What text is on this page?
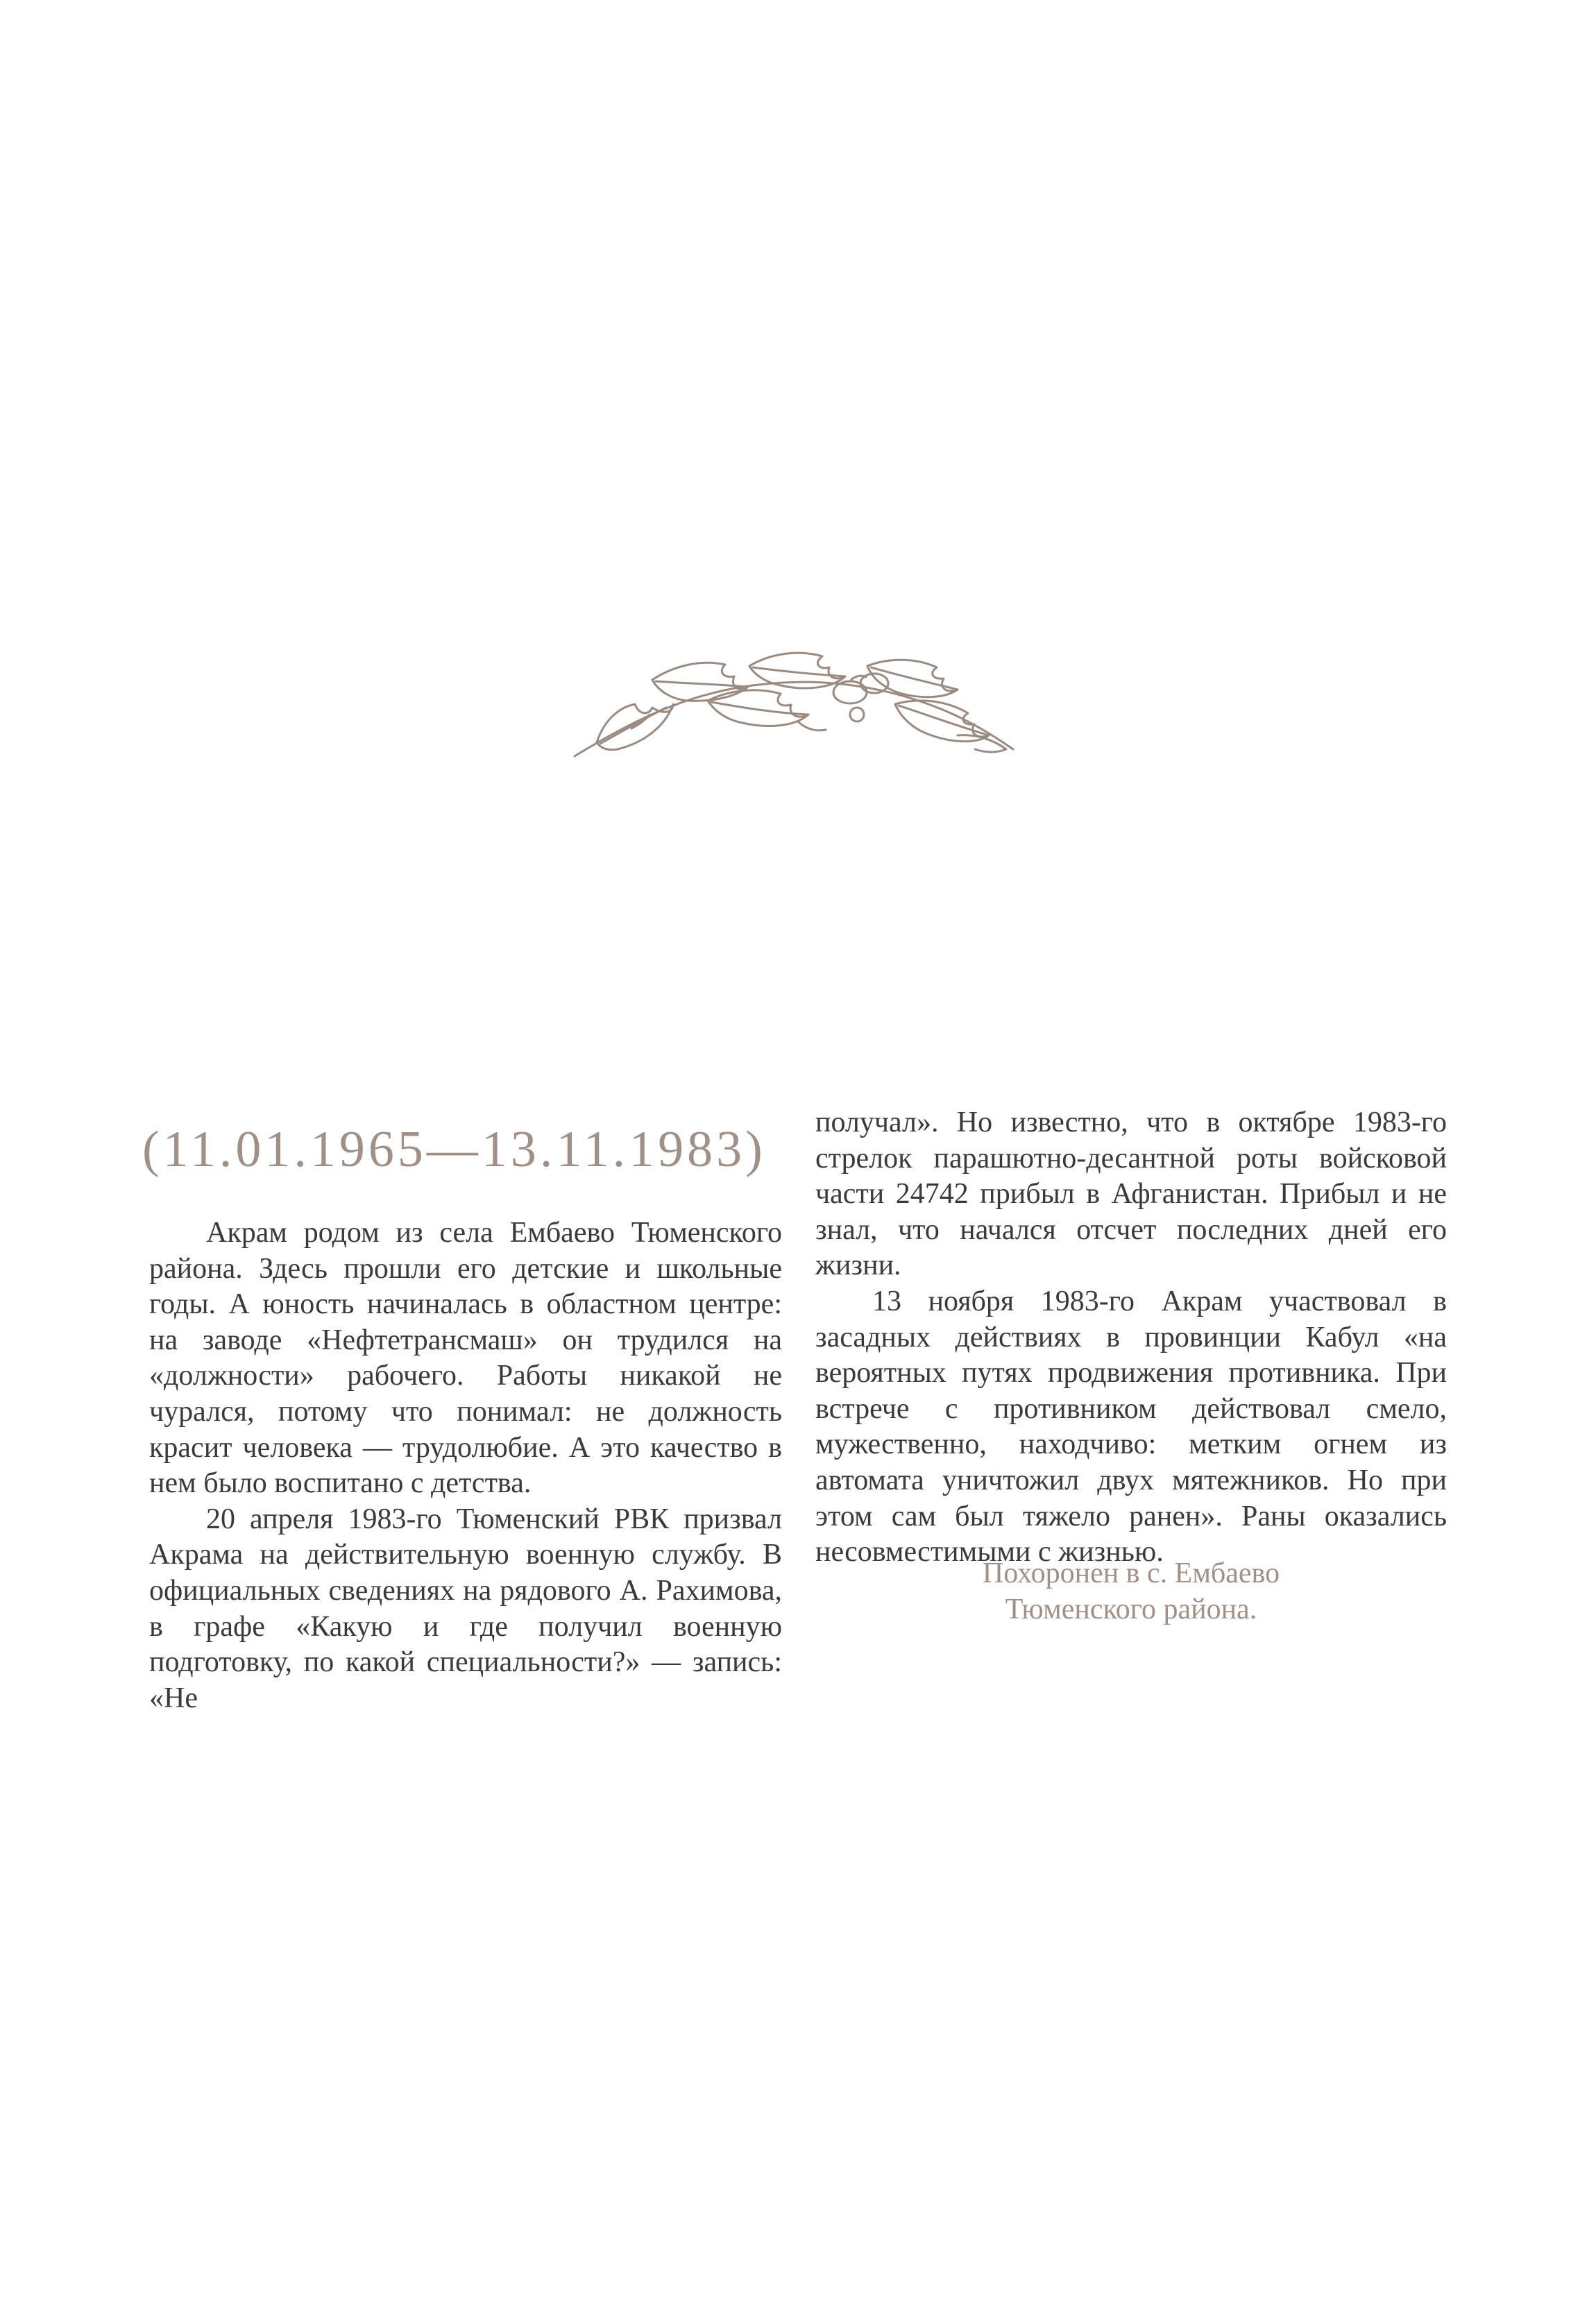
(11.01.1965—13.11.1983)

Акрам родом из села Ембаево Тюменского района. Здесь прошли его детские и школьные годы. А юность начиналась в областном центре: на заводе «Нефтетрансмаш» он трудился на «должности» рабочего. Работы никакой не чурался, потому что понимал: не должность красит человека — трудолюбие. А это качество в нем было воспитано с детства.

20 апреля 1983-го Тюменский РВК призвал Акрама на действительную военную службу. В официальных сведениях на рядового А. Рахимова, в графе «Какую и где получил военную подготовку, по какой специальности?» — запись: «Не

получал». Но известно, что в октябре 1983-го стрелок парашютно-десантной роты войсковой части 24742 прибыл в Афганистан. Прибыл и не знал, что начался отсчет последних дней его жизни.

13 ноября 1983-го Акрам участвовал в засадных действиях в провинции Кабул «на вероятных путях продвижения противника. При встрече с противником действовал смело, мужественно, находчиво: метким огнем из автомата уничтожил двух мятежников. Но при этом сам был тяжело ранен». Раны оказались несовместимыми с жизнью.

Похоронен в с. Ембаево
Тюменского района.
